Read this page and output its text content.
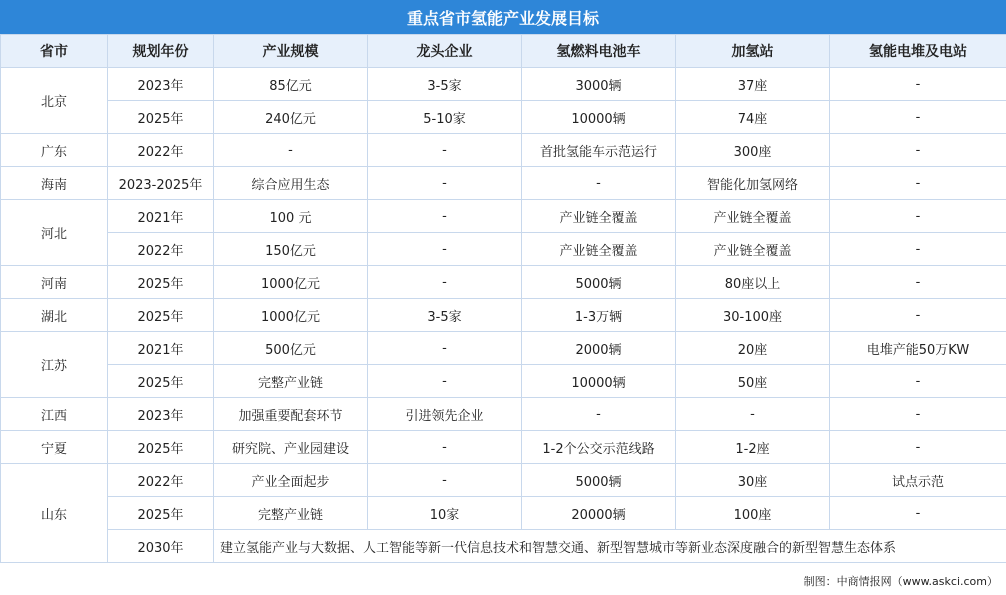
重点省市氢能产业发展目标
省市	规划年份	产业规模	龙头企业	氢燃料电池车	加氢站	氢能电堆及电站
北京	2023年	85亿元	3-5家	3000辆	37座	-
	2025年	240亿元	5-10家	10000辆	74座	-
广东	2022年	-	-	首批氢能车示范运行	300座	-
海南	2023-2025年	综合应用生态	-	-	智能化加氢网络	-
河北	2021年	100 元	-	产业链全覆盖	产业链全覆盖	-
	2022年	150亿元	-	产业链全覆盖	产业链全覆盖	-
河南	2025年	1000亿元	-	5000辆	80座以上	-
湖北	2025年	1000亿元	3-5家	1-3万辆	30-100座	-
江苏	2021年	500亿元	-	2000辆	20座	电堆产能50万KW
	2025年	完整产业链	-	10000辆	50座	-
江西	2023年	加强重要配套环节	引进领先企业	-	-	-
宁夏	2025年	研究院、产业园建设	-	1-2个公交示范线路	1-2座	-
山东	2022年	产业全面起步	-	5000辆	30座	试点示范
	2025年	完整产业链	10家	20000辆	100座	-
	2030年	建立氢能产业与大数据、人工智能等新一代信息技术和智慧交通、新型智慧城市等新业态深度融合的新型智慧生态体系				
制图：中商情报网（www.askci.com）
